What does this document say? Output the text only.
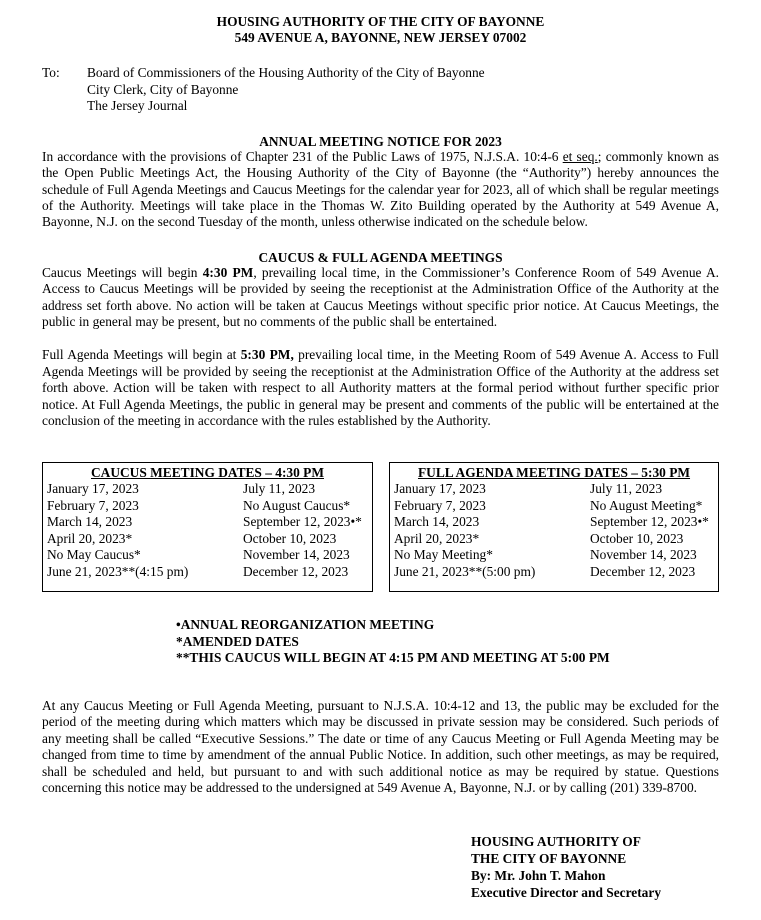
HOUSING AUTHORITY OF THE CITY OF BAYONNE
549 AVENUE A, BAYONNE, NEW JERSEY 07002
To:	Board of Commissioners of the Housing Authority of the City of Bayonne
City Clerk, City of Bayonne
The Jersey Journal
ANNUAL MEETING NOTICE FOR 2023
In accordance with the provisions of Chapter 231 of the Public Laws of 1975, N.J.S.A. 10:4-6 et seq.; commonly known as the Open Public Meetings Act, the Housing Authority of the City of Bayonne (the “Authority”) hereby announces the schedule of Full Agenda Meetings and Caucus Meetings for the calendar year for 2023, all of which shall be regular meetings of the Authority. Meetings will take place in the Thomas W. Zito Building operated by the Authority at 549 Avenue A, Bayonne, N.J. on the second Tuesday of the month, unless otherwise indicated on the schedule below.
CAUCUS & FULL AGENDA MEETINGS
Caucus Meetings will begin 4:30 PM, prevailing local time, in the Commissioner’s Conference Room of 549 Avenue A. Access to Caucus Meetings will be provided by seeing the receptionist at the Administration Office of the Authority at the address set forth above. No action will be taken at Caucus Meetings without specific prior notice. At Caucus Meetings, the public in general may be present, but no comments of the public shall be entertained.
Full Agenda Meetings will begin at 5:30 PM, prevailing local time, in the Meeting Room of 549 Avenue A. Access to Full Agenda Meetings will be provided by seeing the receptionist at the Administration Office of the Authority at the address set forth above. Action will be taken with respect to all Authority matters at the formal period without further specific prior notice. At Full Agenda Meetings, the public in general may be present and comments of the public will be entertained at the conclusion of the meeting in accordance with the rules established by the Authority.
CAUCUS MEETING DATES – 4:30 PM
January 17, 2023	July 11, 2023
February 7, 2023	No August Caucus*
March 14, 2023	September 12, 2023•*
April 20, 2023*	October 10, 2023
No May Caucus*	November 14, 2023
June 21, 2023**(4:15 pm)	December 12, 2023
FULL AGENDA MEETING DATES – 5:30 PM
January 17, 2023	July 11, 2023
February 7, 2023	No August Meeting*
March 14, 2023	September 12, 2023•*
April 20, 2023*	October 10, 2023
No May Meeting*	November 14, 2023
June 21, 2023**(5:00 pm)	December 12, 2023
•ANNUAL REORGANIZATION MEETING
*AMENDED DATES
**THIS CAUCUS WILL BEGIN AT 4:15 PM AND MEETING AT 5:00 PM
At any Caucus Meeting or Full Agenda Meeting, pursuant to N.J.S.A. 10:4-12 and 13, the public may be excluded for the period of the meeting during which matters which may be discussed in private session may be considered. Such periods of any meeting shall be called “Executive Sessions.” The date or time of any Caucus Meeting or Full Agenda Meeting may be changed from time to time by amendment of the annual Public Notice. In addition, such other meetings, as may be required, shall be scheduled and held, but pursuant to and with such additional notice as may be required by statue. Questions concerning this notice may be addressed to the undersigned at 549 Avenue A, Bayonne, N.J. or by calling (201) 339-8700.
HOUSING AUTHORITY OF
THE CITY OF BAYONNE
By: Mr. John T. Mahon
Executive Director and Secretary
